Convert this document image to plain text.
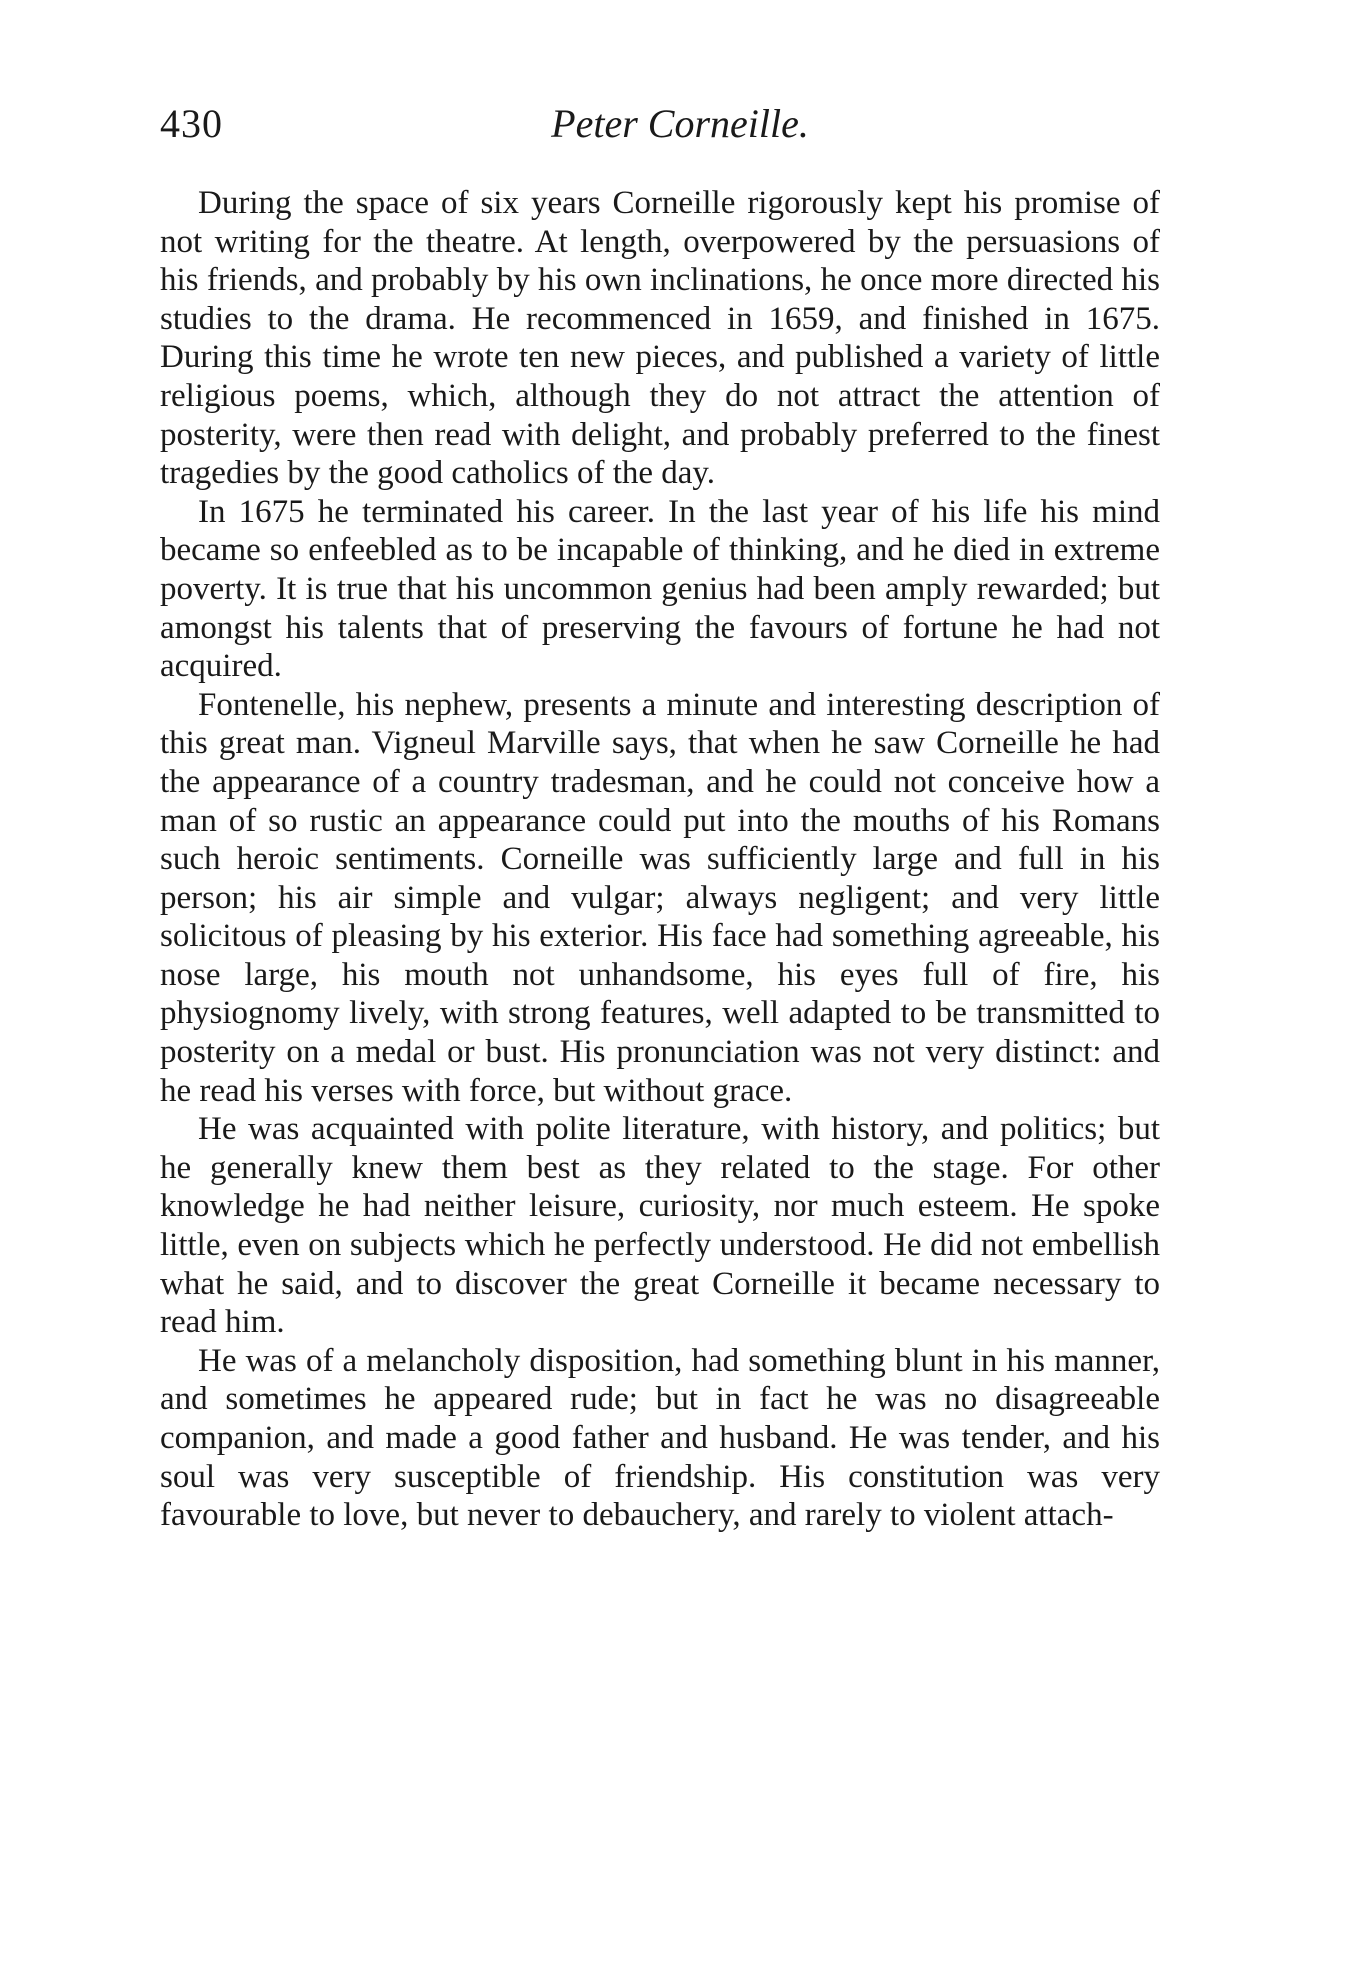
430	Peter Corneille.

During the space of six years Corneille rigorously kept his promise of not writing for the theatre. At length, overpowered by the persuasions of his friends, and probably by his own inclinations, he once more directed his studies to the drama. He recommenced in 1659, and finished in 1675. During this time he wrote ten new pieces, and published a variety of little religious poems, which, although they do not attract the attention of posterity, were then read with delight, and probably preferred to the finest tragedies by the good catholics of the day.

In 1675 he terminated his career. In the last year of his life his mind became so enfeebled as to be incapable of thinking, and he died in extreme poverty. It is true that his uncommon genius had been amply rewarded; but amongst his talents that of preserving the favours of fortune he had not acquired.

Fontenelle, his nephew, presents a minute and interesting description of this great man. Vigneul Marville says, that when he saw Corneille he had the appearance of a country tradesman, and he could not conceive how a man of so rustic an appearance could put into the mouths of his Romans such heroic sentiments. Corneille was sufficiently large and full in his person; his air simple and vulgar; always negligent; and very little solicitous of pleasing by his exterior. His face had something agreeable, his nose large, his mouth not unhandsome, his eyes full of fire, his physiognomy lively, with strong features, well adapted to be transmitted to posterity on a medal or bust. His pronunciation was not very distinct: and he read his verses with force, but without grace.

He was acquainted with polite literature, with history, and politics; but he generally knew them best as they related to the stage. For other knowledge he had neither leisure, curiosity, nor much esteem. He spoke little, even on subjects which he perfectly understood. He did not embellish what he said, and to discover the great Corneille it became necessary to read him.

He was of a melancholy disposition, had something blunt in his manner, and sometimes he appeared rude; but in fact he was no disagreeable companion, and made a good father and husband. He was tender, and his soul was very susceptible of friendship. His constitution was very favourable to love, but never to debauchery, and rarely to violent attach-
